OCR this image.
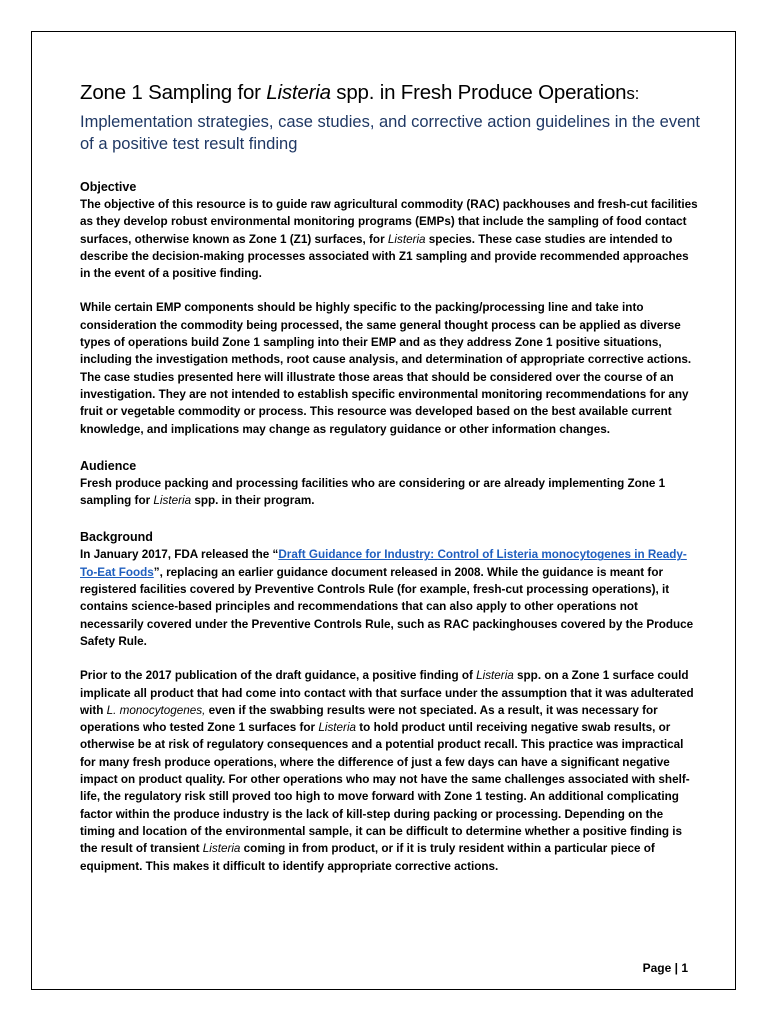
Zone 1 Sampling for Listeria spp. in Fresh Produce Operations:

Implementation strategies, case studies, and corrective action guidelines in the event of a positive test result finding

Objective

The objective of this resource is to guide raw agricultural commodity (RAC) packhouses and fresh-cut facilities as they develop robust environmental monitoring programs (EMPs) that include the sampling of food contact surfaces, otherwise known as Zone 1 (Z1) surfaces, for Listeria species. These case studies are intended to describe the decision-making processes associated with Z1 sampling and provide recommended approaches in the event of a positive finding.

While certain EMP components should be highly specific to the packing/processing line and take into consideration the commodity being processed, the same general thought process can be applied as diverse types of operations build Zone 1 sampling into their EMP and as they address Zone 1 positive situations, including the investigation methods, root cause analysis, and determination of appropriate corrective actions. The case studies presented here will illustrate those areas that should be considered over the course of an investigation. They are not intended to establish specific environmental monitoring recommendations for any fruit or vegetable commodity or process. This resource was developed based on the best available current knowledge, and implications may change as regulatory guidance or other information changes.

Audience

Fresh produce packing and processing facilities who are considering or are already implementing Zone 1 sampling for Listeria spp. in their program.

Background

In January 2017, FDA released the “Draft Guidance for Industry: Control of Listeria monocytogenes in Ready-To-Eat Foods”, replacing an earlier guidance document released in 2008. While the guidance is meant for registered facilities covered by Preventive Controls Rule (for example, fresh-cut processing operations), it contains science-based principles and recommendations that can also apply to other operations not necessarily covered under the Preventive Controls Rule, such as RAC packinghouses covered by the Produce Safety Rule.

Prior to the 2017 publication of the draft guidance, a positive finding of Listeria spp. on a Zone 1 surface could implicate all product that had come into contact with that surface under the assumption that it was adulterated with L. monocytogenes, even if the swabbing results were not speciated. As a result, it was necessary for operations who tested Zone 1 surfaces for Listeria to hold product until receiving negative swab results, or otherwise be at risk of regulatory consequences and a potential product recall. This practice was impractical for many fresh produce operations, where the difference of just a few days can have a significant negative impact on product quality. For other operations who may not have the same challenges associated with shelf-life, the regulatory risk still proved too high to move forward with Zone 1 testing. An additional complicating factor within the produce industry is the lack of kill-step during packing or processing. Depending on the timing and location of the environmental sample, it can be difficult to determine whether a positive finding is the result of transient Listeria coming in from product, or if it is truly resident within a particular piece of equipment. This makes it difficult to identify appropriate corrective actions.

Page | 1
